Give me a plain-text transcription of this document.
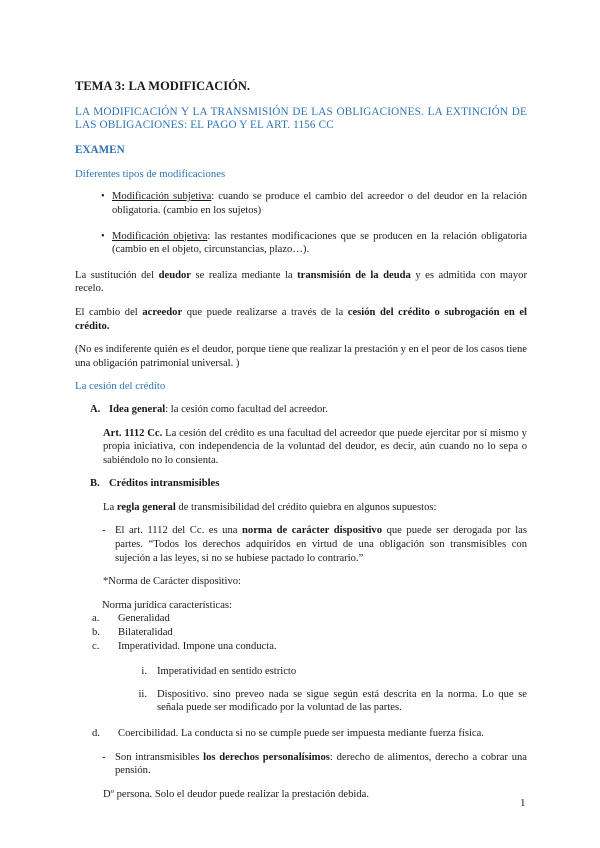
TEMA 3: LA MODIFICACIÓN.
LA MODIFICACIÓN Y LA TRANSMISIÓN DE LAS OBLIGACIONES. LA EXTINCIÓN DE LAS OBLIGACIONES: EL PAGO Y EL ART. 1156 CC
EXAMEN
Diferentes tipos de modificaciones
• Modificación subjetiva: cuando se produce el cambio del acreedor o del deudor en la relación obligatoria. (cambio en los sujetos)
• Modificación objetiva: las restantes modificaciones que se producen en la relación obligatoria (cambio en el objeto, circunstancias, plazo…).

La sustitución del deudor se realiza mediante la transmisión de la deuda y es admitida con mayor recelo.

El cambio del acreedor que puede realizarse a través de la cesión del crédito o subrogación en el crédito.

(No es indiferente quién es el deudor, porque tiene que realizar la prestación y en el peor de los casos tiene una obligación patrimonial universal. )

La cesión del crédito
A. Idea general: la cesión como facultad del acreedor.

Art. 1112 Cc. La cesión del crédito es una facultad del acreedor que puede ejercitar por sí mismo y propia iniciativa, con independencia de la voluntad del deudor, es decir, aún cuando no lo sepa o sabiéndolo no lo consienta.

B. Créditos intransmisibles

La regla general de transmisibilidad del crédito quiebra en algunos supuestos:

- El art. 1112 del Cc. es una norma de carácter dispositivo que puede ser derogada por las partes. “Todos los derechos adquiridos en virtud de una obligación son transmisibles con sujeción a las leyes, si no se hubiese pactado lo contrario.”

*Norma de Carácter dispositivo:

Norma jurídica características:
a.	Generalidad
b.	Bilateralidad
c.	Imperatividad. Impone una conducta.
i. Imperatividad en sentido estricto
ii. Dispositivo. sino preveo nada se sigue según está descrita en la norma. Lo que se señala puede ser modificado por la voluntad de las partes.
d.	Coercibilidad. La conducta si no se cumple puede ser impuesta mediante fuerza física.
- Son intransmisibles los derechos personalísimos: derecho de alimentos, derecho a cobrar una pensión.

Dº persona. Solo el deudor puede realizar la prestación debida.

1
